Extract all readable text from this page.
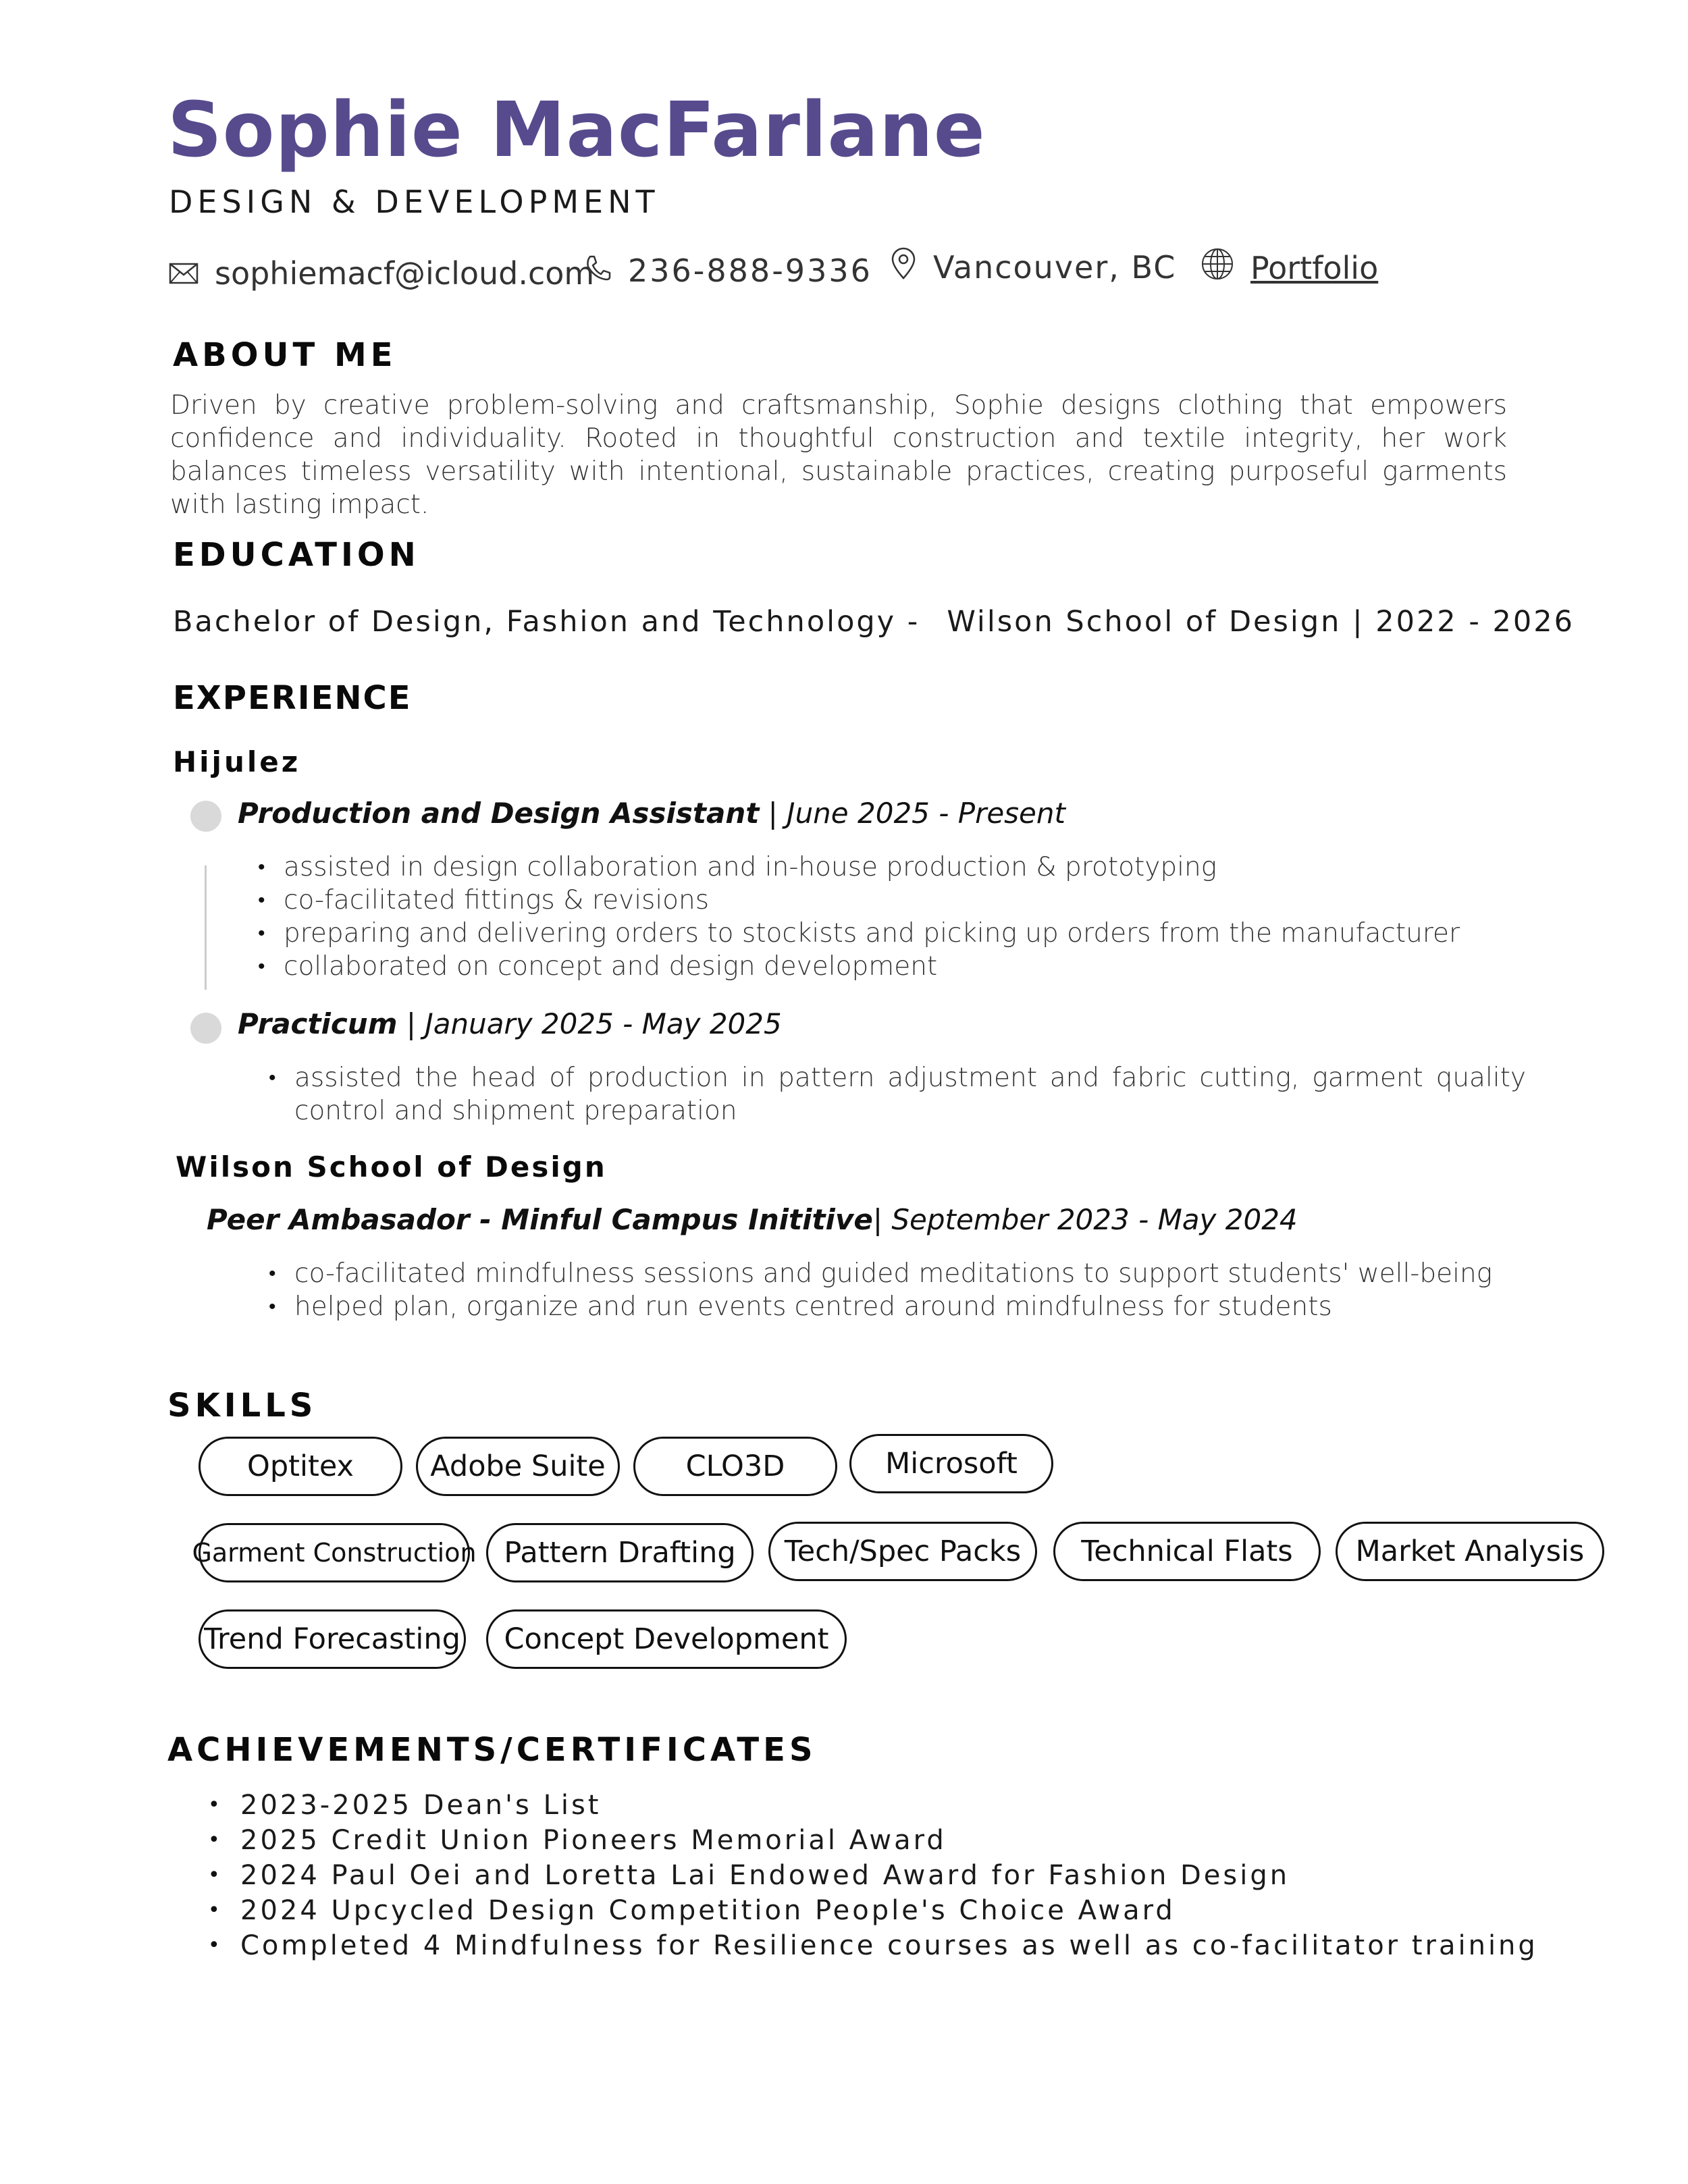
Sophie MacFarlane
DESIGN & DEVELOPMENT
sophiemacf@icloud.com 236-888-9336 Vancouver, BC Portfolio
ABOUT ME
Driven by creative problem-solving and craftsmanship, Sophie designs clothing that empowers confidence and individuality. Rooted in thoughtful construction and textile integrity, her work balances timeless versatility with intentional, sustainable practices, creating purposeful garments with lasting impact.
EDUCATION
Bachelor of Design, Fashion and Technology - Wilson School of Design | 2022 - 2026
EXPERIENCE
Hijulez
Production and Design Assistant | June 2025 - Present
• assisted in design collaboration and in-house production & prototyping
• co-facilitated fittings & revisions
• preparing and delivering orders to stockists and picking up orders from the manufacturer
• collaborated on concept and design development
Practicum | January 2025 - May 2025
• assisted the head of production in pattern adjustment and fabric cutting, garment quality control and shipment preparation
Wilson School of Design
Peer Ambasador - Minful Campus Inititive| September 2023 - May 2024
• co-facilitated mindfulness sessions and guided meditations to support students' well-being
• helped plan, organize and run events centred around mindfulness for students
SKILLS
Optitex	Adobe Suite	CLO3D	Microsoft
Garment Construction Pattern Drafting	Tech/Spec Packs	Technical Flats	Market Analysis
Trend Forecasting	Concept Development
ACHIEVEMENTS/CERTIFICATES
• 2023-2025 Dean's List
• 2025 Credit Union Pioneers Memorial Award
• 2024 Paul Oei and Loretta Lai Endowed Award for Fashion Design
• 2024 Upcycled Design Competition People's Choice Award
• Completed 4 Mindfulness for Resilience courses as well as co-facilitator training
